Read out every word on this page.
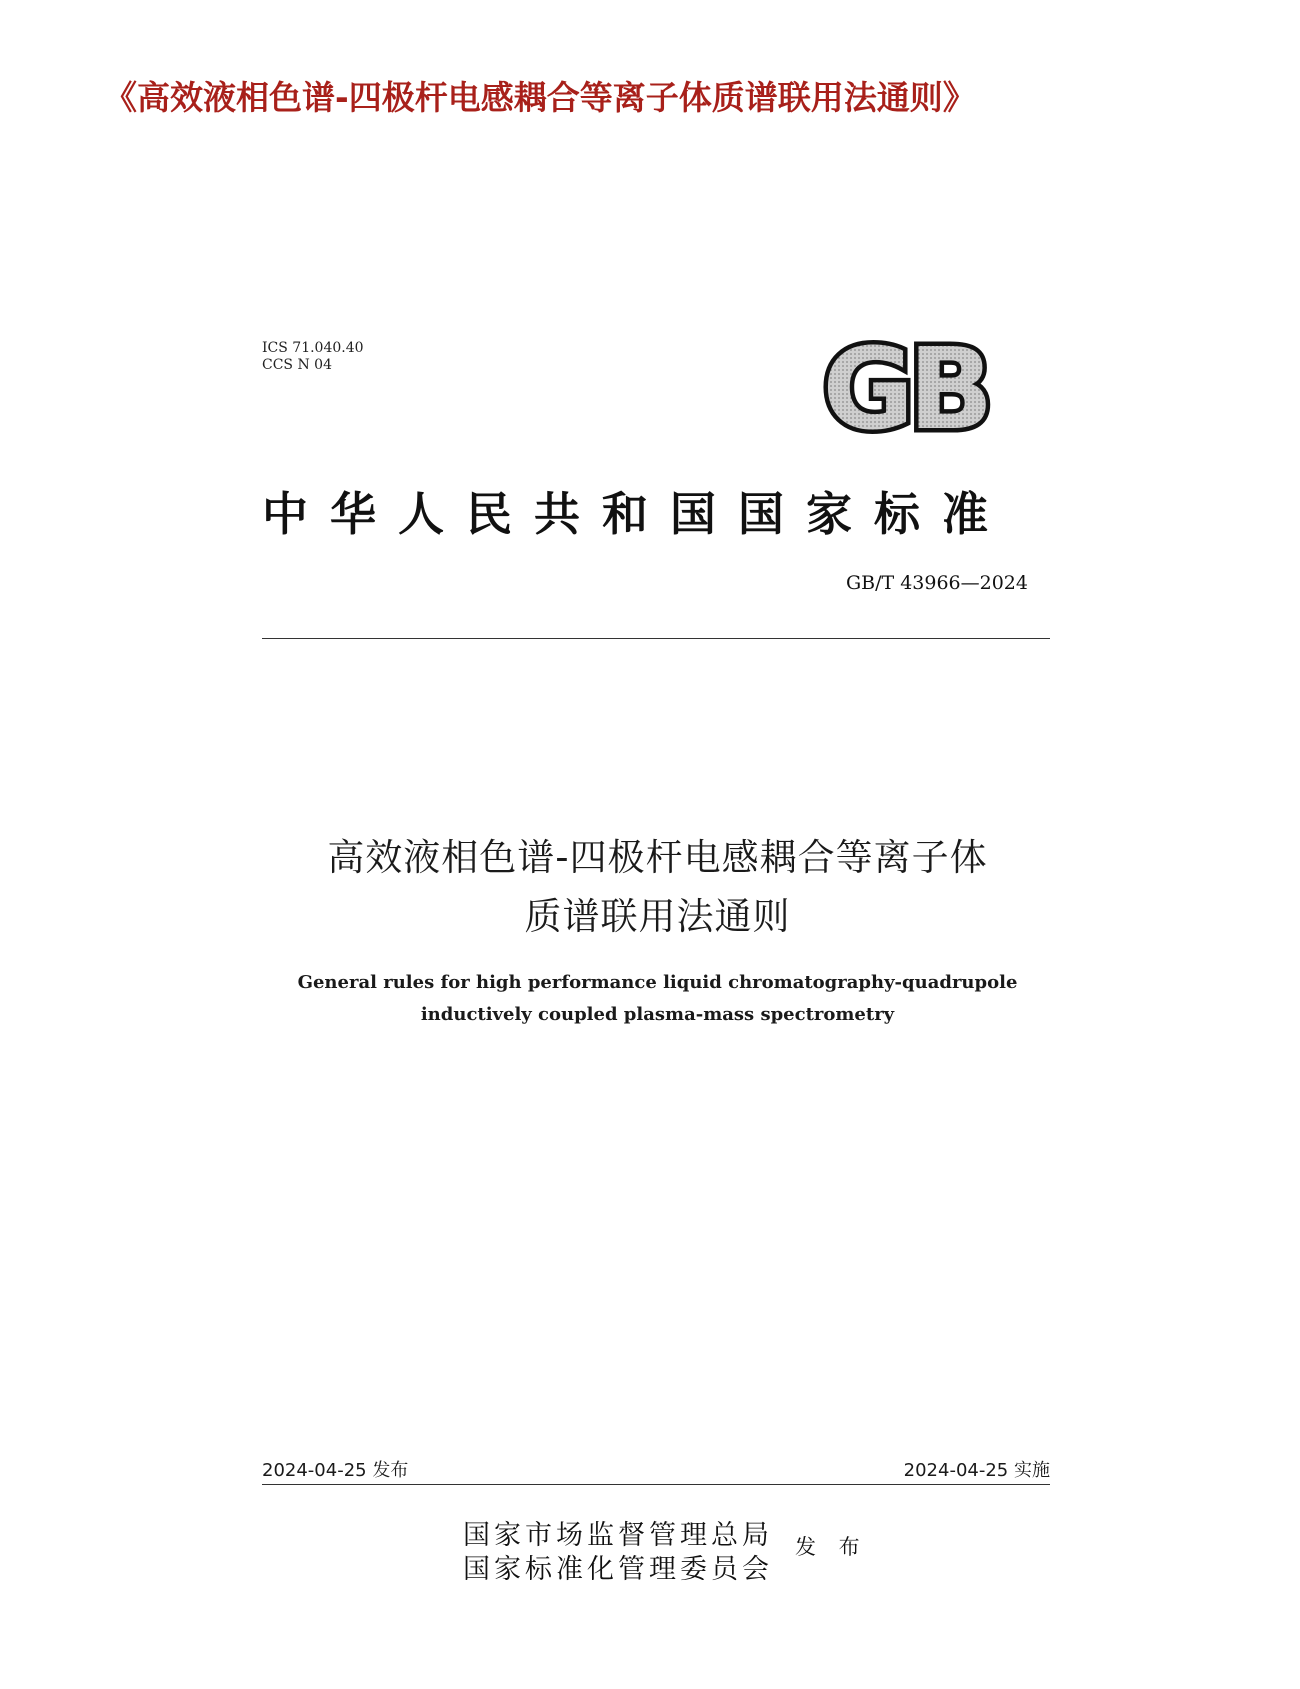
《高效液相色谱-四极杆电感耦合等离子体质谱联用法通则》
ICS 71.040.40
CCS N 04	GB
中华人民共和国国家标准
GB/T 43966—2024
高效液相色谱-四极杆电感耦合等离子体
质谱联用法通则
General rules for high performance liquid chromatography-quadrupole
inductively coupled plasma-mass spectrometry
2024-04-25 发布	2024-04-25 实施
国家市场监督管理总局
国家标准化管理委员会
发 布
